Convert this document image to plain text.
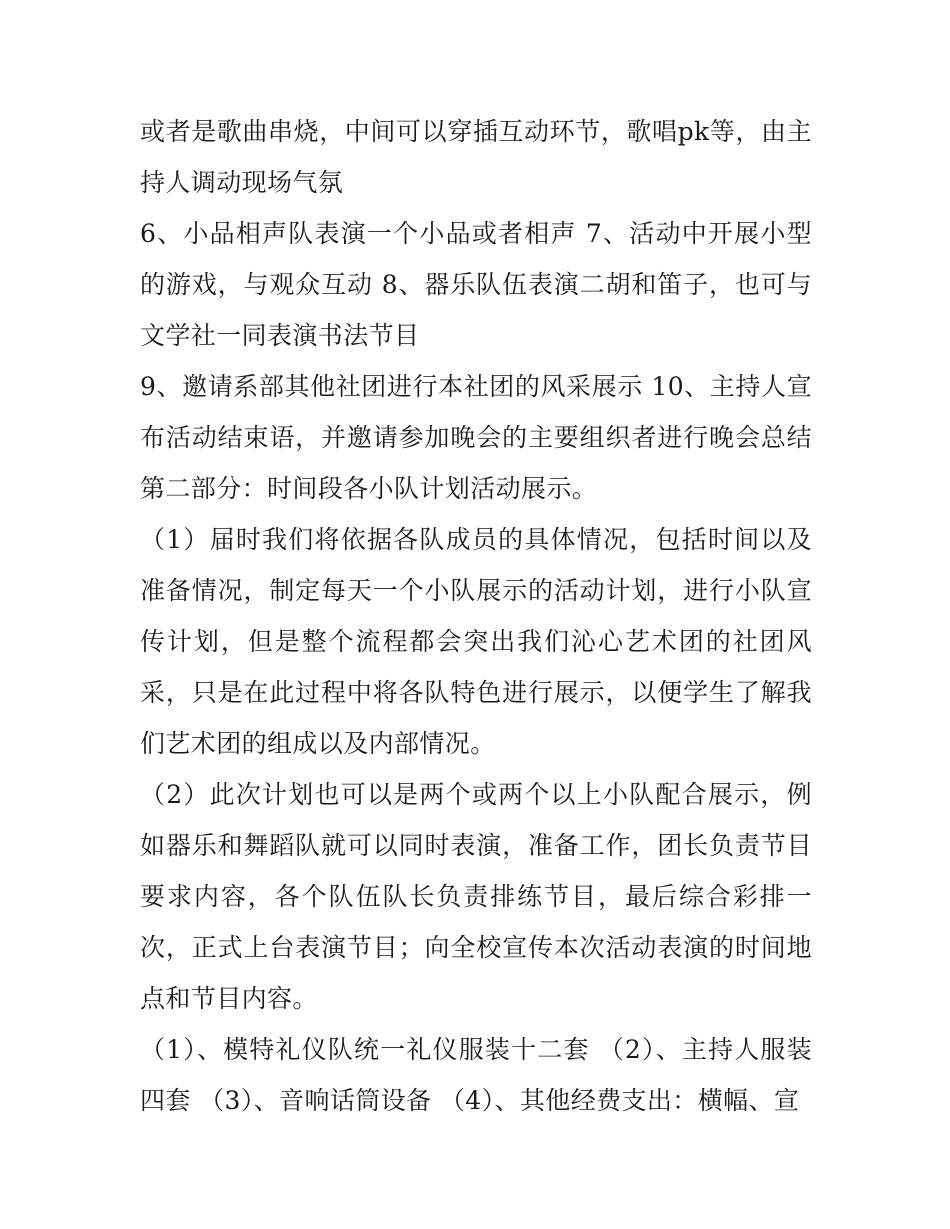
或者是歌曲串烧，中间可以穿插互动环节，歌唱pk等，由主持人调动现场气氛

6、小品相声队表演一个小品或者相声 7、活动中开展小型的游戏，与观众互动 8、器乐队伍表演二胡和笛子，也可与文学社一同表演书法节目

9、邀请系部其他社团进行本社团的风采展示 10、主持人宣布活动结束语，并邀请参加晚会的主要组织者进行晚会总结第二部分：时间段各小队计划活动展示。

（1）届时我们将依据各队成员的具体情况，包括时间以及准备情况，制定每天一个小队展示的活动计划，进行小队宣传计划，但是整个流程都会突出我们沁心艺术团的社团风采，只是在此过程中将各队特色进行展示，以便学生了解我们艺术团的组成以及内部情况。

（2）此次计划也可以是两个或两个以上小队配合展示，例如器乐和舞蹈队就可以同时表演，准备工作，团长负责节目要求内容，各个队伍队长负责排练节目，最后综合彩排一次，正式上台表演节目；向全校宣传本次活动表演的时间地点和节目内容。

（1）、模特礼仪队统一礼仪服装十二套 （2）、主持人服装四套 （3）、音响话筒设备 （4）、其他经费支出：横幅、宣
